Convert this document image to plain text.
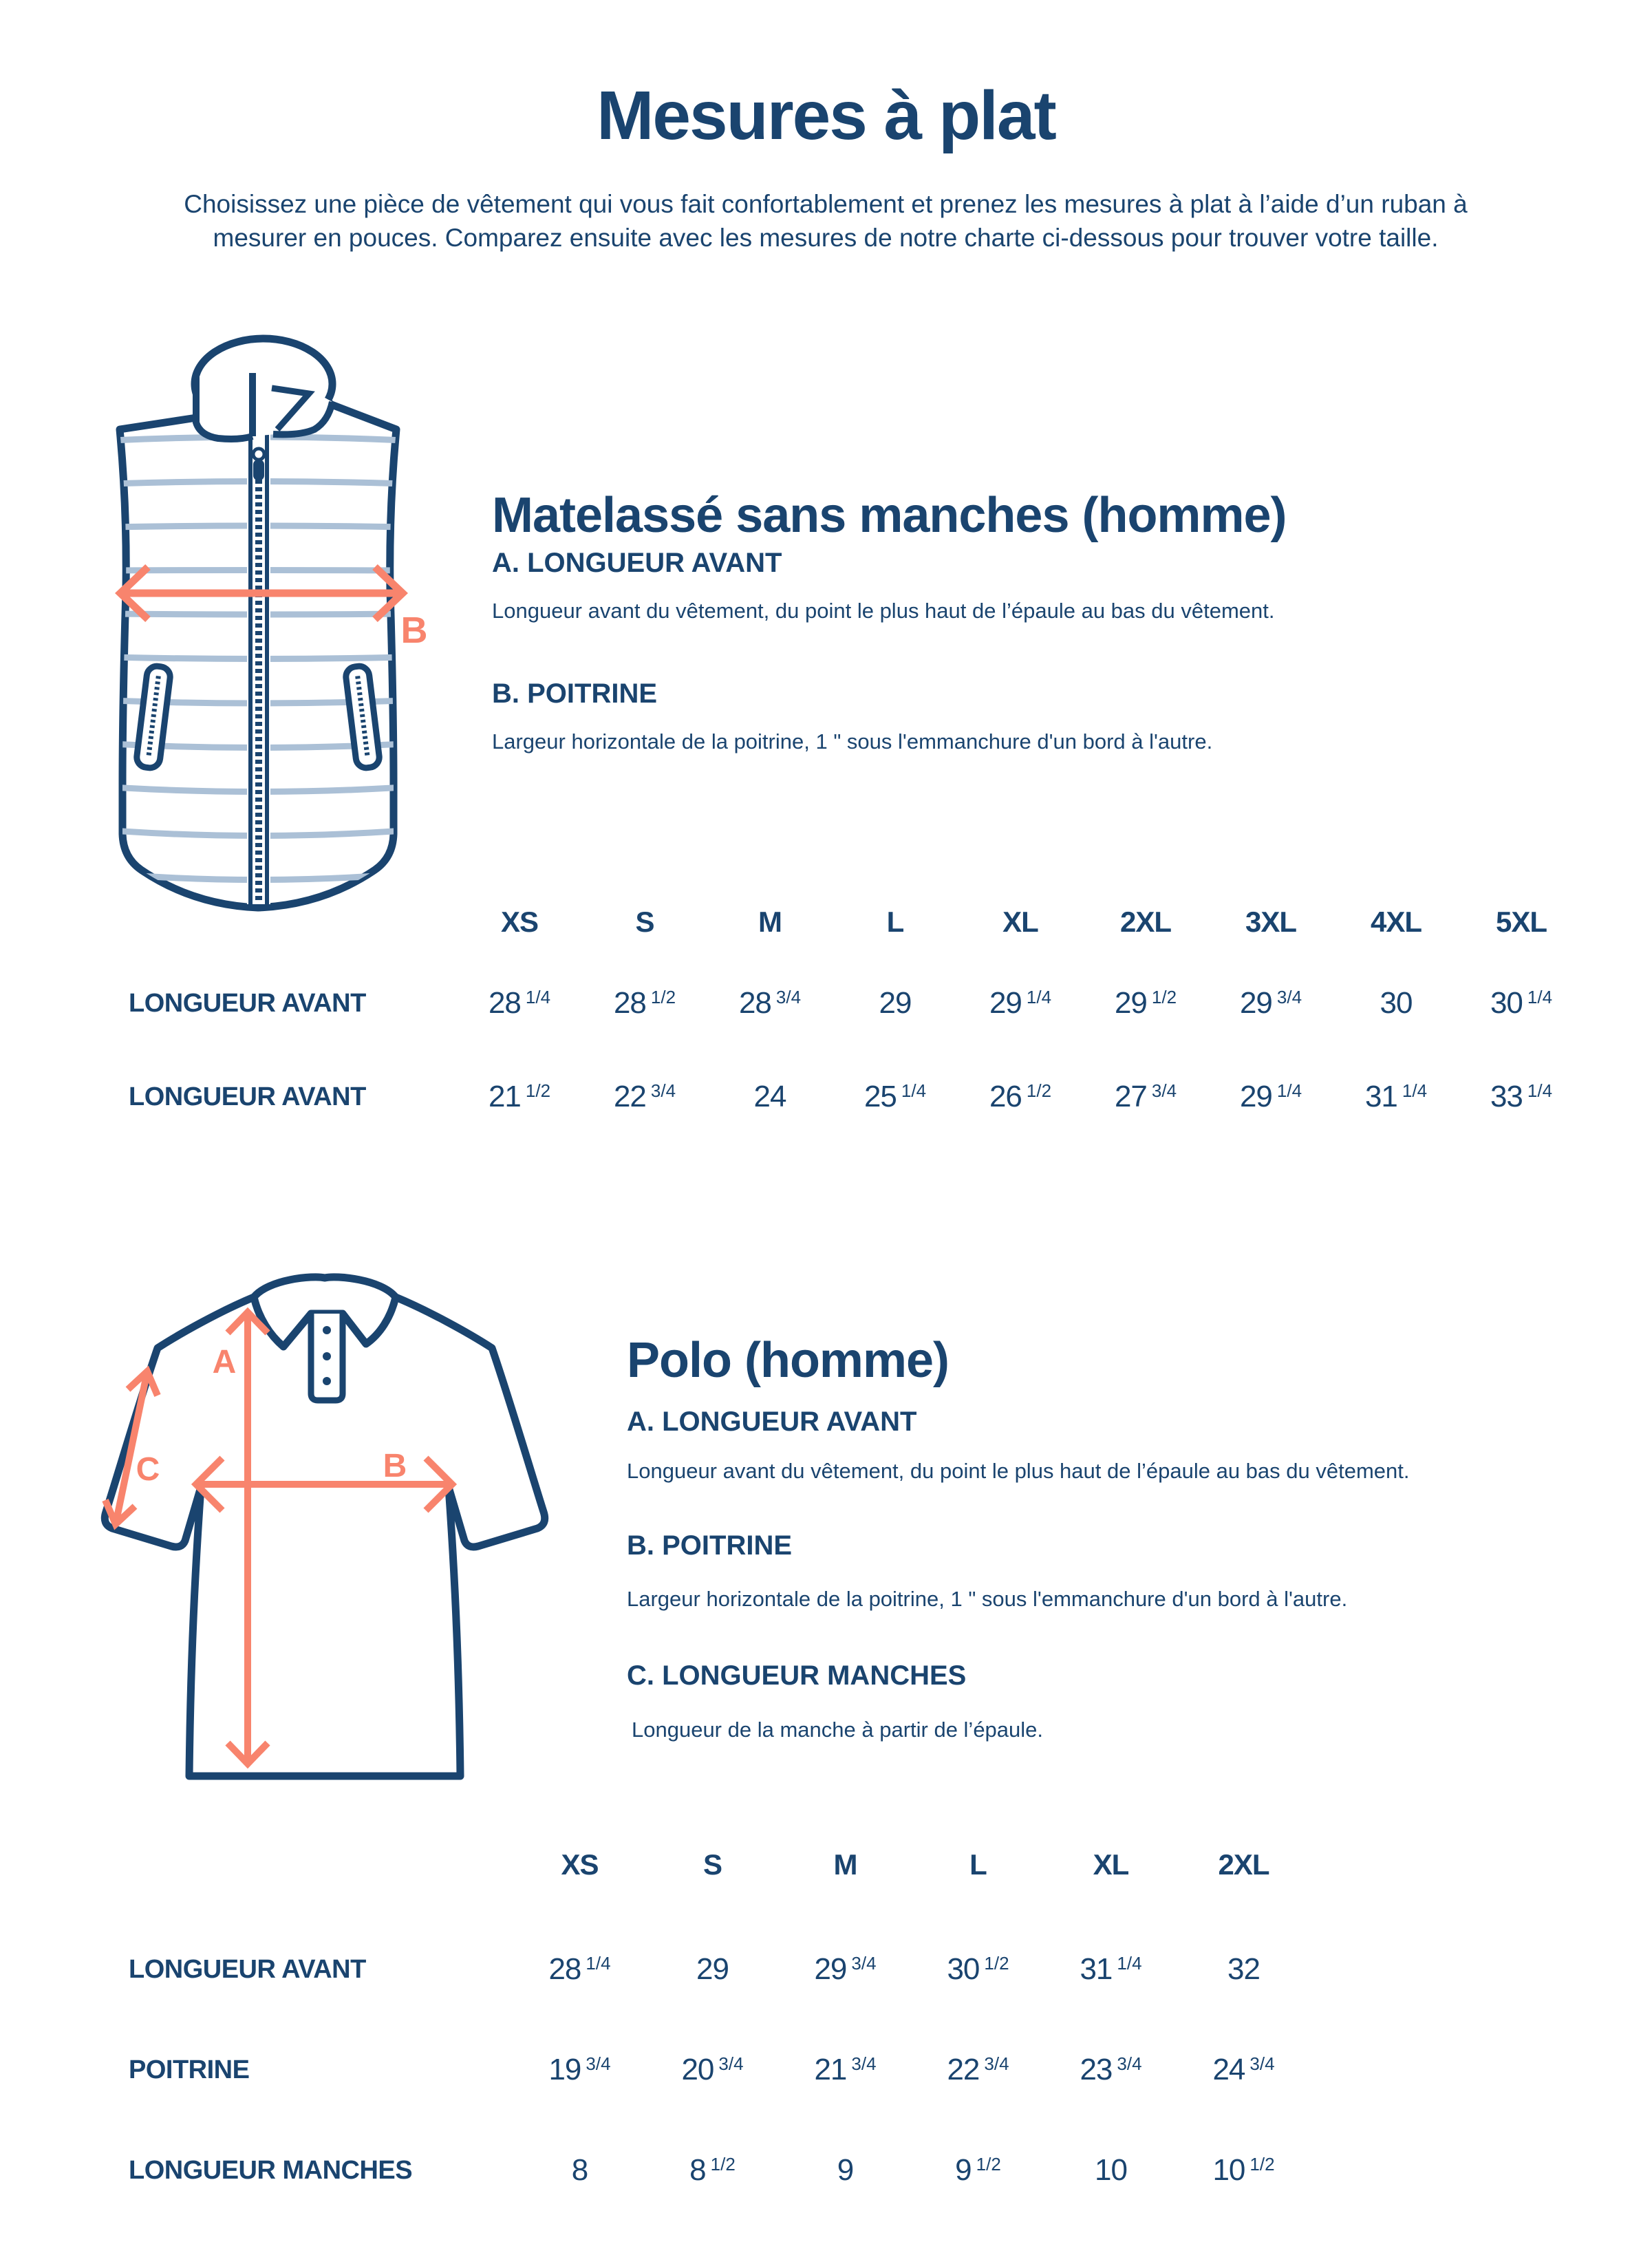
Mesures à plat

Choisissez une pièce de vêtement qui vous fait confortablement et prenez les mesures à plat à l’aide d’un ruban à mesurer en pouces. Comparez ensuite avec les mesures de notre charte ci-dessous pour trouver votre taille.

B
Matelassé sans manches (homme)
A. LONGUEUR AVANT
Longueur avant du vêtement, du point le plus haut de l’épaule au bas du vêtement.
B. POITRINE
Largeur horizontale de la poitrine, 1 " sous l'emmanchure d'un bord à l'autre.
XS	S	M	L	XL	2XL	3XL	4XL	5XL
LONGUEUR AVANT	28 $^{1/4}$	28 $^{1/2}$	28 $^{3/4}$	29	29 $^{1/4}$	29 $^{1/2}$	29 $^{3/4}$	30	30 $^{1/4}$
LONGUEUR AVANT	21 $^{1/2}$	22 $^{3/4}$	24	25 $^{1/4}$	26 $^{1/2}$	27 $^{3/4}$	29 $^{1/4}$	31 $^{1/4}$	33 $^{1/4}$
A
B
C
Polo (homme)
A. LONGUEUR AVANT
Longueur avant du vêtement, du point le plus haut de l’épaule au bas du vêtement.
B. POITRINE
Largeur horizontale de la poitrine, 1 " sous l'emmanchure d'un bord à l'autre.
C. LONGUEUR MANCHES
Longueur de la manche à partir de l’épaule.
XS	S	M	L	XL	2XL
LONGUEUR AVANT	28 $^{1/4}$	29	29 $^{3/4}$	30 $^{1/2}$	31 $^{1/4}$	32
POITRINE	19 $^{3/4}$	20 $^{3/4}$	21 $^{3/4}$	22 $^{3/4}$	23 $^{3/4}$	24 $^{3/4}$
LONGUEUR MANCHES	8	8 $^{1/2}$	9	9 $^{1/2}$	10	10 $^{1/2}$
